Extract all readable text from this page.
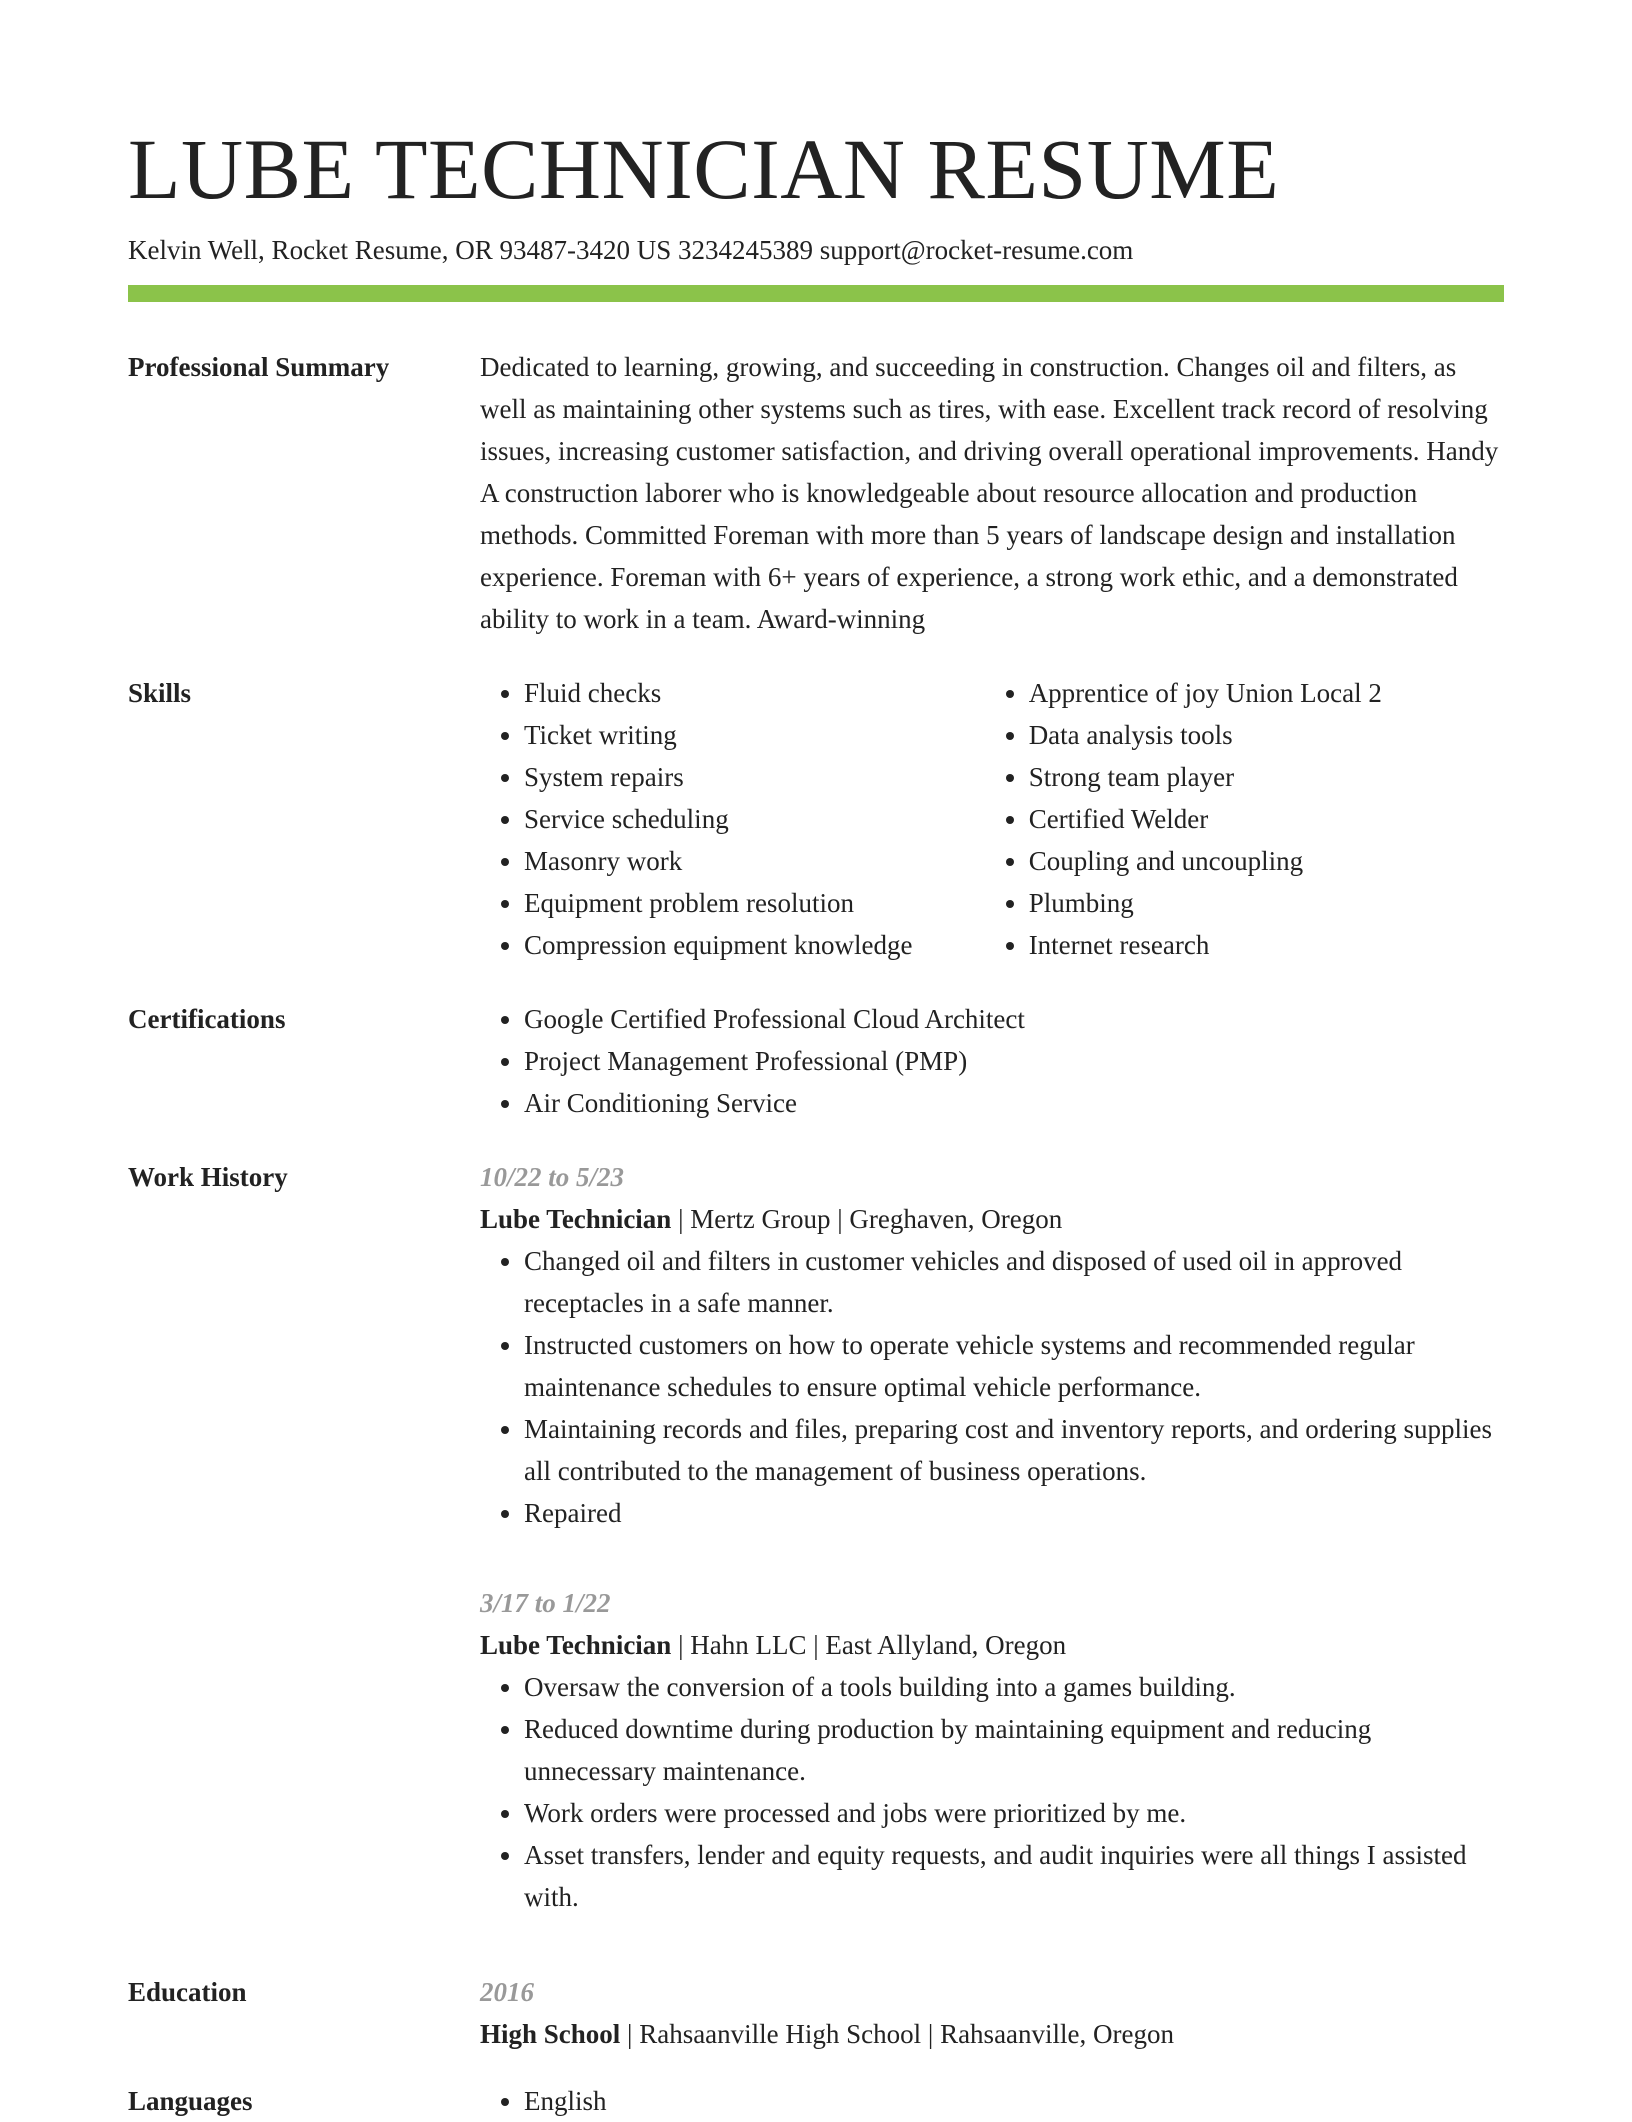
LUBE TECHNICIAN RESUME
Kelvin Well, Rocket Resume, OR 93487-3420 US 3234245389 support@rocket-resume.com
Professional Summary	Dedicated to learning, growing, and succeeding in construction. Changes oil and filters, as well as maintaining other systems such as tires, with ease. Excellent track record of resolving issues, increasing customer satisfaction, and driving overall operational improvements. Handy A construction laborer who is knowledgeable about resource allocation and production methods. Committed Foreman with more than 5 years of landscape design and installation experience. Foreman with 6+ years of experience, a strong work ethic, and a demonstrated ability to work in a team. Award-winning

Skills	• Fluid checks
• Ticket writing
• System repairs
• Service scheduling
• Masonry work
• Equipment problem resolution
• Compression equipment knowledge
• Apprentice of joy Union Local 2
• Data analysis tools
• Strong team player
• Certified Welder
• Coupling and uncoupling
• Plumbing
• Internet research
Certifications	• Google Certified Professional Cloud Architect
• Project Management Professional (PMP)
• Air Conditioning Service
Work History	10/22 to 5/23
Lube Technician | Mertz Group | Greghaven, Oregon
• Changed oil and filters in customer vehicles and disposed of used oil in approved receptacles in a safe manner.
• Instructed customers on how to operate vehicle systems and recommended regular maintenance schedules to ensure optimal vehicle performance.
• Maintaining records and files, preparing cost and inventory reports, and ordering supplies all contributed to the management of business operations.
• Repaired
3/17 to 1/22
Lube Technician | Hahn LLC | East Allyland, Oregon
• Oversaw the conversion of a tools building into a games building.
• Reduced downtime during production by maintaining equipment and reducing unnecessary maintenance.
• Work orders were processed and jobs were prioritized by me.
• Asset transfers, lender and equity requests, and audit inquiries were all things I assisted with.
Education	2016
High School | Rahsaanville High School | Rahsaanville, Oregon
Languages	• English
